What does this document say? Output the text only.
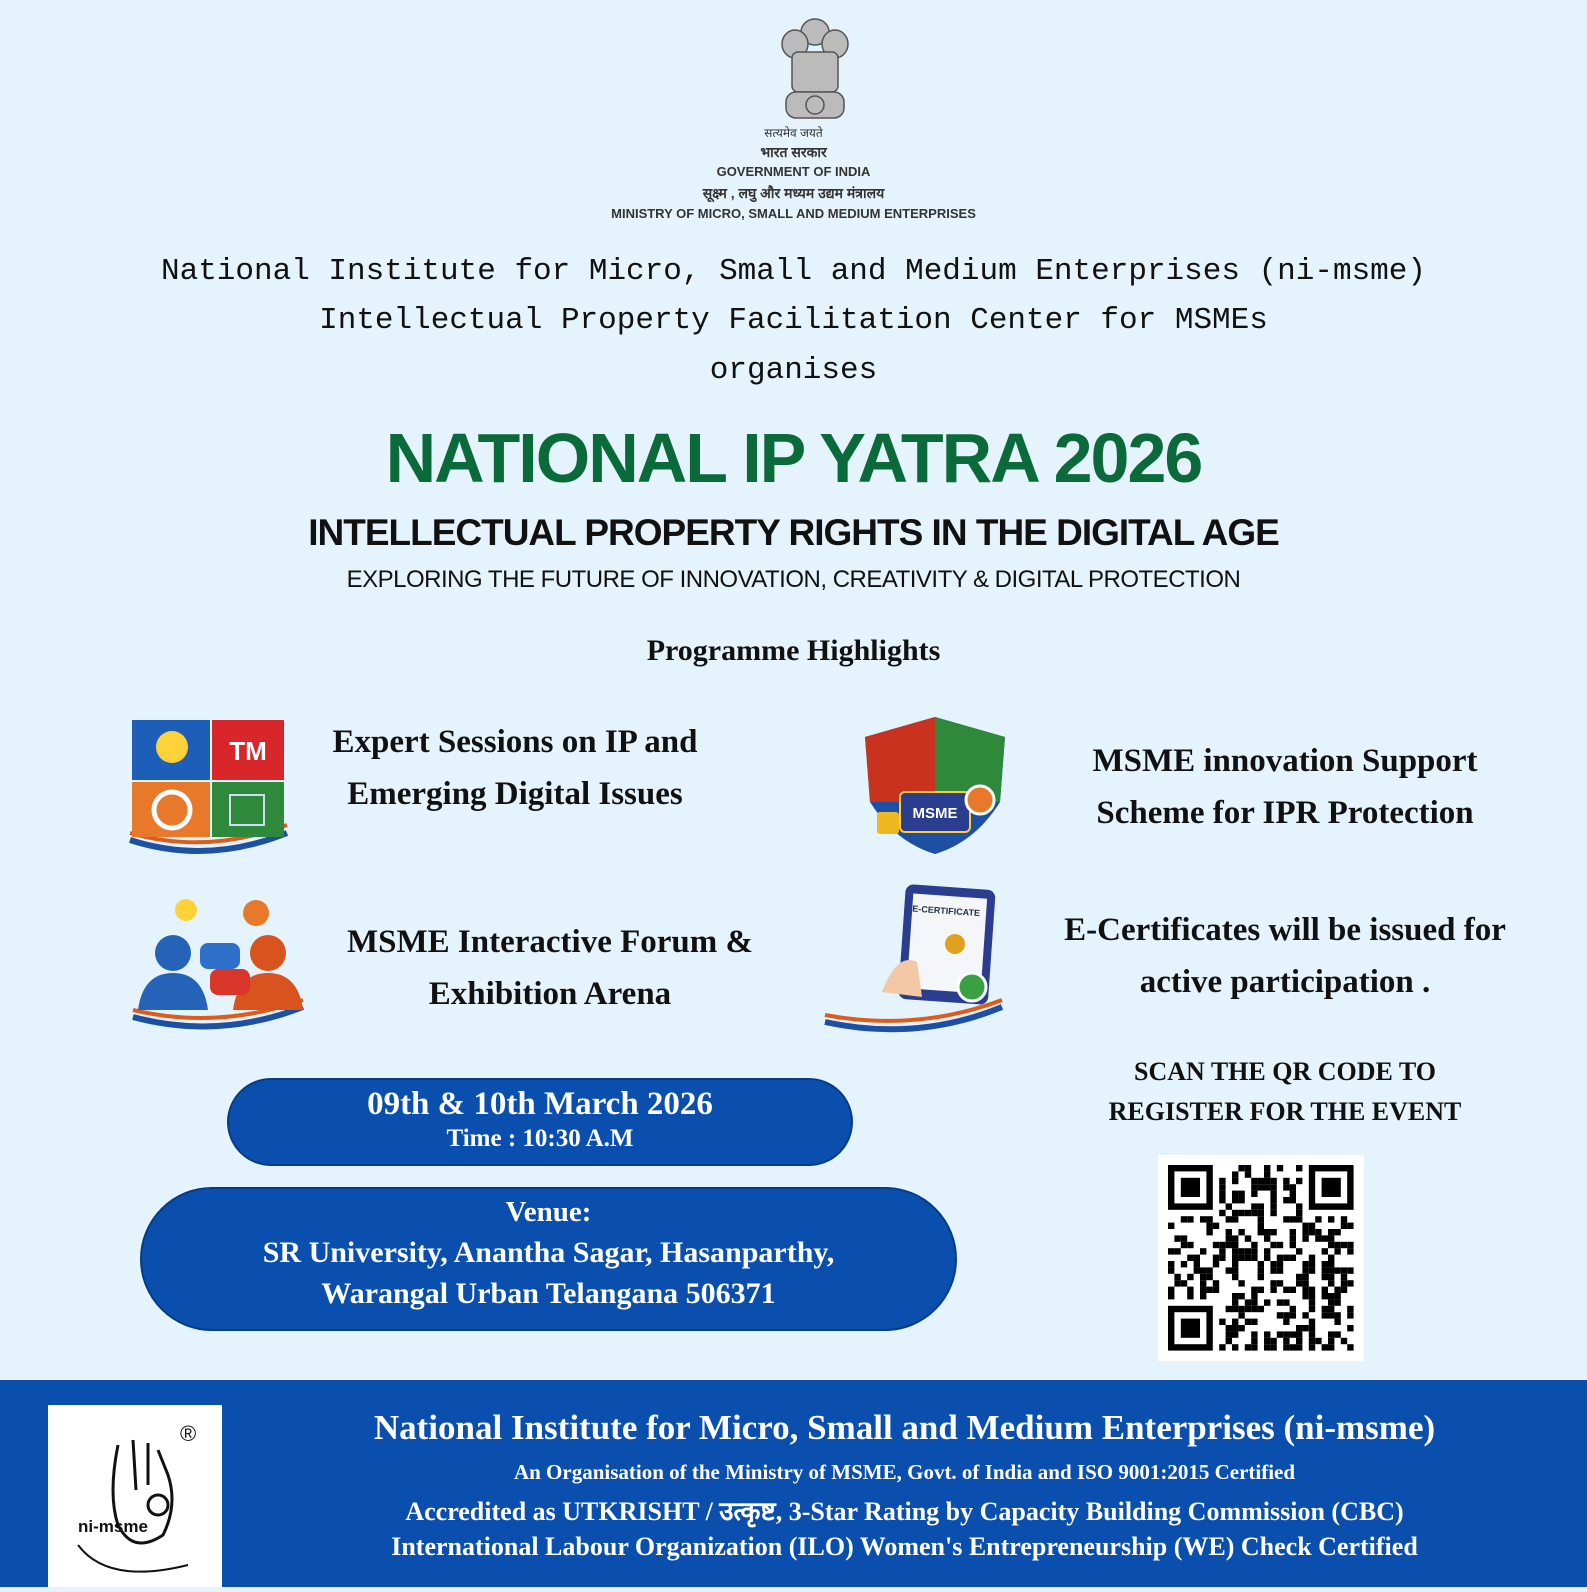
सत्यमेव जयते
भारत सरकार
GOVERNMENT OF INDIA
सूक्ष्म , लघु और मध्यम उद्यम मंत्रालय
MINISTRY OF MICRO, SMALL AND MEDIUM ENTERPRISES
National Institute for Micro, Small and Medium Enterprises (ni-msme)
Intellectual Property Facilitation Center for MSMEs
organises
NATIONAL IP YATRA 2026
INTELLECTUAL PROPERTY RIGHTS IN THE DIGITAL AGE
EXPLORING THE FUTURE OF INNOVATION, CREATIVITY & DIGITAL PROTECTION
Programme Highlights
TM	Expert Sessions on IP and Emerging Digital Issues
MSME
MSME innovation Support Scheme for IPR Protection
MSME Interactive Forum & Exhibition Arena
E-CERTIFICATE
E-Certificates will be issued for active participation .
09th & 10th March 2026
Time : 10:30 A.M
Venue:
SR University, Anantha Sagar, Hasanparthy,
Warangal Urban Telangana 506371
SCAN THE QR CODE TO
REGISTER FOR THE EVENT
®
ni-msme
National Institute for Micro, Small and Medium Enterprises (ni-msme)
An Organisation of the Ministry of MSME, Govt. of India and ISO 9001:2015 Certified
Accredited as UTKRISHT / उत्कृष्ट, 3-Star Rating by Capacity Building Commission (CBC)
International Labour Organization (ILO) Women's Entrepreneurship (WE) Check Certified
